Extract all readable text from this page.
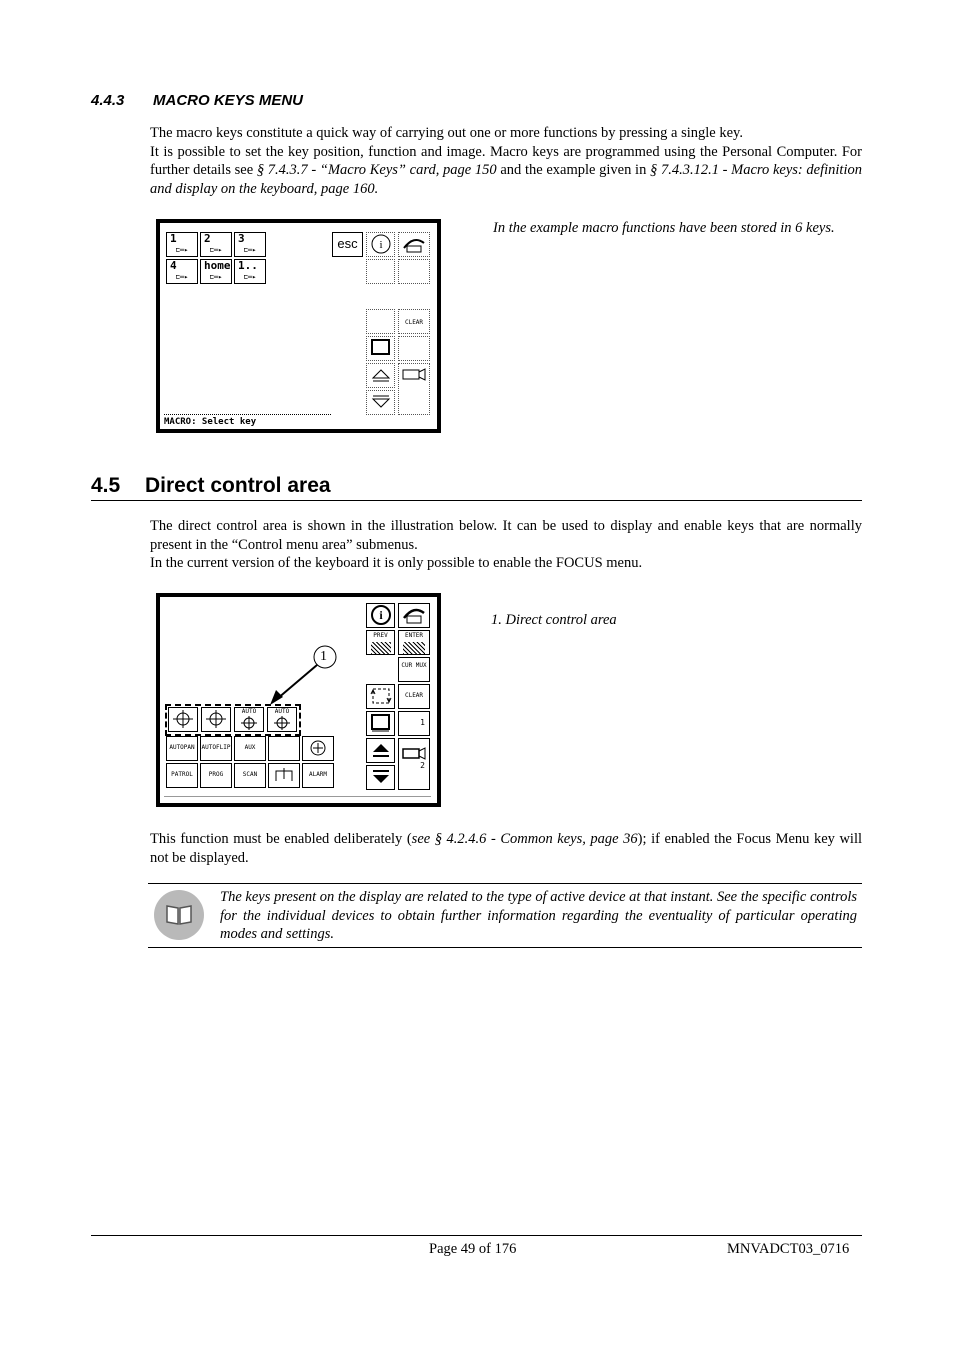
4.4.3 MACRO KEYS MENU

The macro keys constitute a quick way of carrying out one or more functions by pressing a single key.

It is possible to set the key position, function and image. Macro keys are programmed using the Personal Computer. For further details see § 7.4.3.7 - “Macro Keys” card, page 150 and the example given in § 7.4.3.12.1 - Macro keys: definition and display on the keyboard, page 160.

1
⊏═▸
2
⊏═▸
3
⊏═▸
4
⊏═▸
home
⊏═▸
1..
⊏═▸
esc	i
CLEAR
MACRO: Select key
In the example macro functions have been stored in 6 keys.
4.5 Direct control area

The direct control area is shown in the illustration below. It can be used to display and enable keys that are normally present in the “Control menu area” submenus.

In the current version of the keyboard it is only possible to enable the FOCUS menu.

i
PREV	ENTER
CUR MUX
CLEAR
1
2
AUTO	AUTO
AUTOPAN	AUTOFLIP	AUX
PATROL	PROG	SCAN	ALARM
1
1. Direct control area

This function must be enabled deliberately (see § 4.2.4.6 - Common keys, page 36); if enabled the Focus Menu key will not be displayed.

The keys present on the display are related to the type of active device at that instant. See the specific controls for the individual devices to obtain further information regarding the eventuality of particular operating modes and settings.
Page 49 of 176	MNVADCT03_0716
